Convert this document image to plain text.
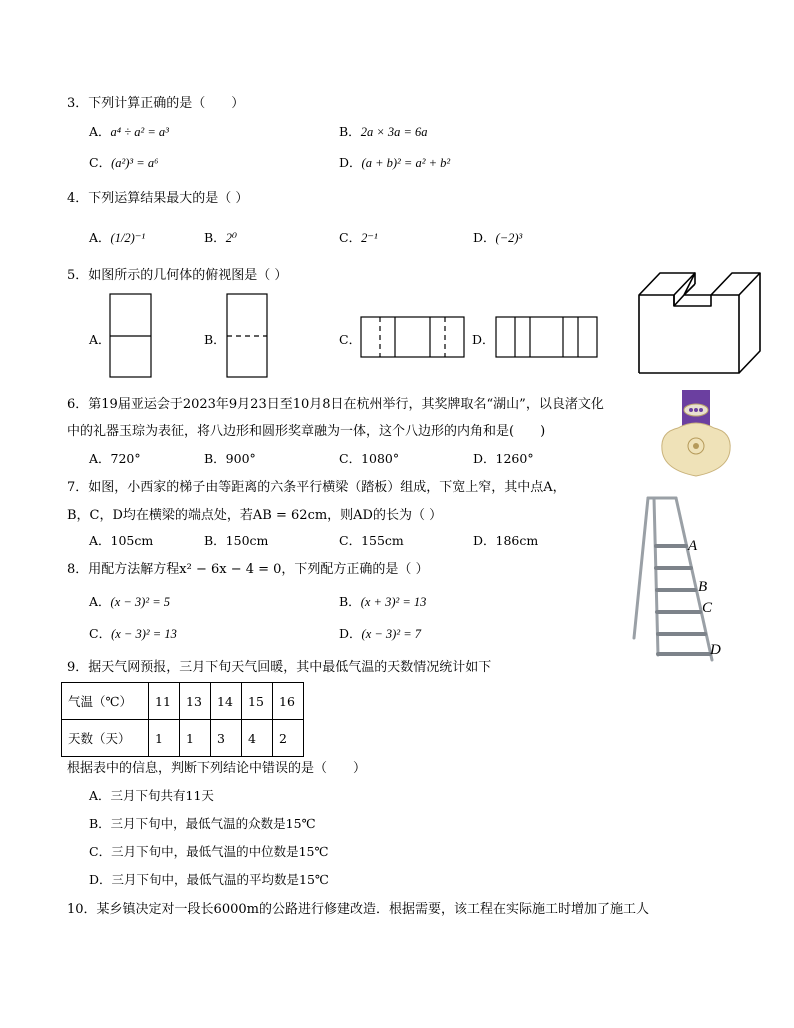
3．下列计算正确的是（　　）
A．a⁴ ÷ a² = a³	B．2a × 3a = 6a
C．(a²)³ = a⁶	D．(a + b)² = a² + b²
4．下列运算结果最大的是（ ）
A．(1/2)⁻¹	B．2⁰	C．2⁻¹	D．(−2)³
5．如图所示的几何体的俯视图是（ ）
A．	B．	C．	D．
6．第19届亚运会于2023年9月23日至10月8日在杭州举行，其奖牌取名“湖山”，以良渚文化
中的礼器玉琮为表征，将八边形和圆形奖章融为一体，这个八边形的内角和是(　　)
A．720°	B．900°	C．1080°	D．1260°
7．如图，小西家的梯子由等距离的六条平行横梁（踏板）组成，下宽上窄，其中点A，
B，C，D均在横梁的端点处，若AB = 62cm，则AD的长为（ ）
A．105cm	B．150cm	C．155cm	D．186cm	A
B
C
D
8．用配方法解方程x² − 6x − 4 = 0，下列配方正确的是（ ）
A．(x − 3)² = 5	B．(x + 3)² = 13
C．(x − 3)² = 13	D．(x − 3)² = 7
9．据天气网预报，三月下旬天气回暖，其中最低气温的天数情况统计如下
气温（℃）	11	13	14	15	16
天数（天）	1	1	3	4	2
根据表中的信息，判断下列结论中错误的是（　　）
A．三月下旬共有11天
B．三月下旬中，最低气温的众数是15℃
C．三月下旬中，最低气温的中位数是15℃
D．三月下旬中，最低气温的平均数是15℃
10．某乡镇决定对一段长6000m的公路进行修建改造．根据需要，该工程在实际施工时增加了施工人
